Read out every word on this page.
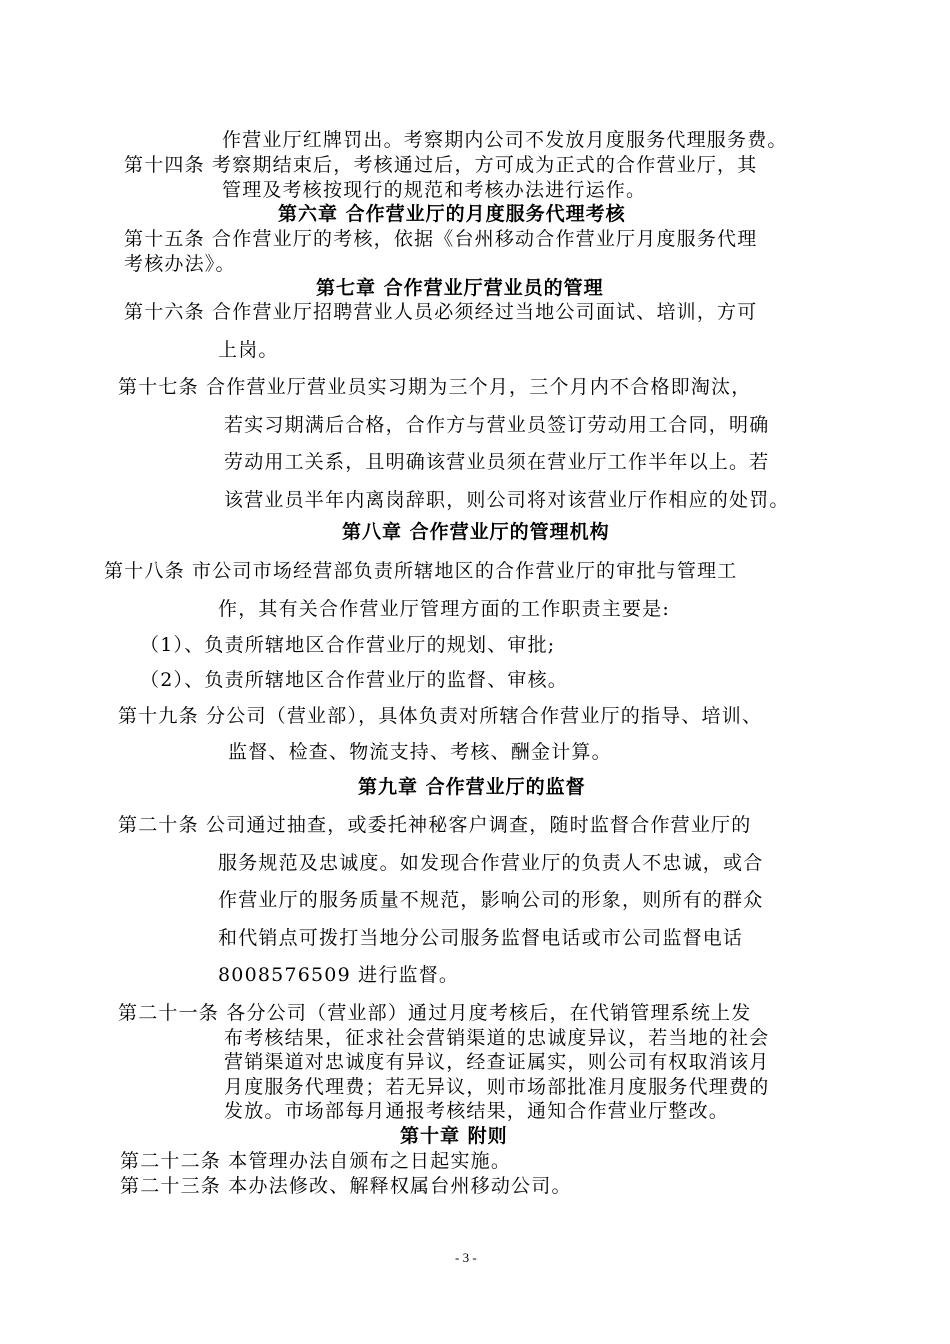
作营业厅红牌罚出。考察期内公司不发放月度服务代理服务费。
第十四条 考察期结束后，考核通过后，方可成为正式的合作营业厅，其
管理及考核按现行的规范和考核办法进行运作。
第六章 合作营业厅的月度服务代理考核
第十五条 合作营业厅的考核，依据《台州移动合作营业厅月度服务代理
考核办法》。
第七章 合作营业厅营业员的管理
第十六条 合作营业厅招聘营业人员必须经过当地公司面试、培训，方可
上岗。
第十七条 合作营业厅营业员实习期为三个月，三个月内不合格即淘汰，
若实习期满后合格，合作方与营业员签订劳动用工合同，明确
劳动用工关系，且明确该营业员须在营业厅工作半年以上。若
该营业员半年内离岗辞职，则公司将对该营业厅作相应的处罚。
第八章 合作营业厅的管理机构
第十八条 市公司市场经营部负责所辖地区的合作营业厅的审批与管理工
作，其有关合作营业厅管理方面的工作职责主要是:
（1）、负责所辖地区合作营业厅的规划、审批;
（2）、负责所辖地区合作营业厅的监督、审核。
第十九条 分公司（营业部），具体负责对所辖合作营业厅的指导、培训、
监督、检查、物流支持、考核、酬金计算。
第九章 合作营业厅的监督
第二十条 公司通过抽查，或委托神秘客户调查，随时监督合作营业厅的
服务规范及忠诚度。如发现合作营业厅的负责人不忠诚，或合
作营业厅的服务质量不规范，影响公司的形象，则所有的群众
和代销点可拨打当地分公司服务监督电话或市公司监督电话
8008576509 进行监督。
第二十一条 各分公司（营业部）通过月度考核后，在代销管理系统上发
布考核结果，征求社会营销渠道的忠诚度异议，若当地的社会
营销渠道对忠诚度有异议，经查证属实，则公司有权取消该月
月度服务代理费；若无异议，则市场部批准月度服务代理费的
发放。市场部每月通报考核结果，通知合作营业厅整改。
第十章 附则
第二十二条 本管理办法自颁布之日起实施。
第二十三条 本办法修改、解释权属台州移动公司。
- 3 -
